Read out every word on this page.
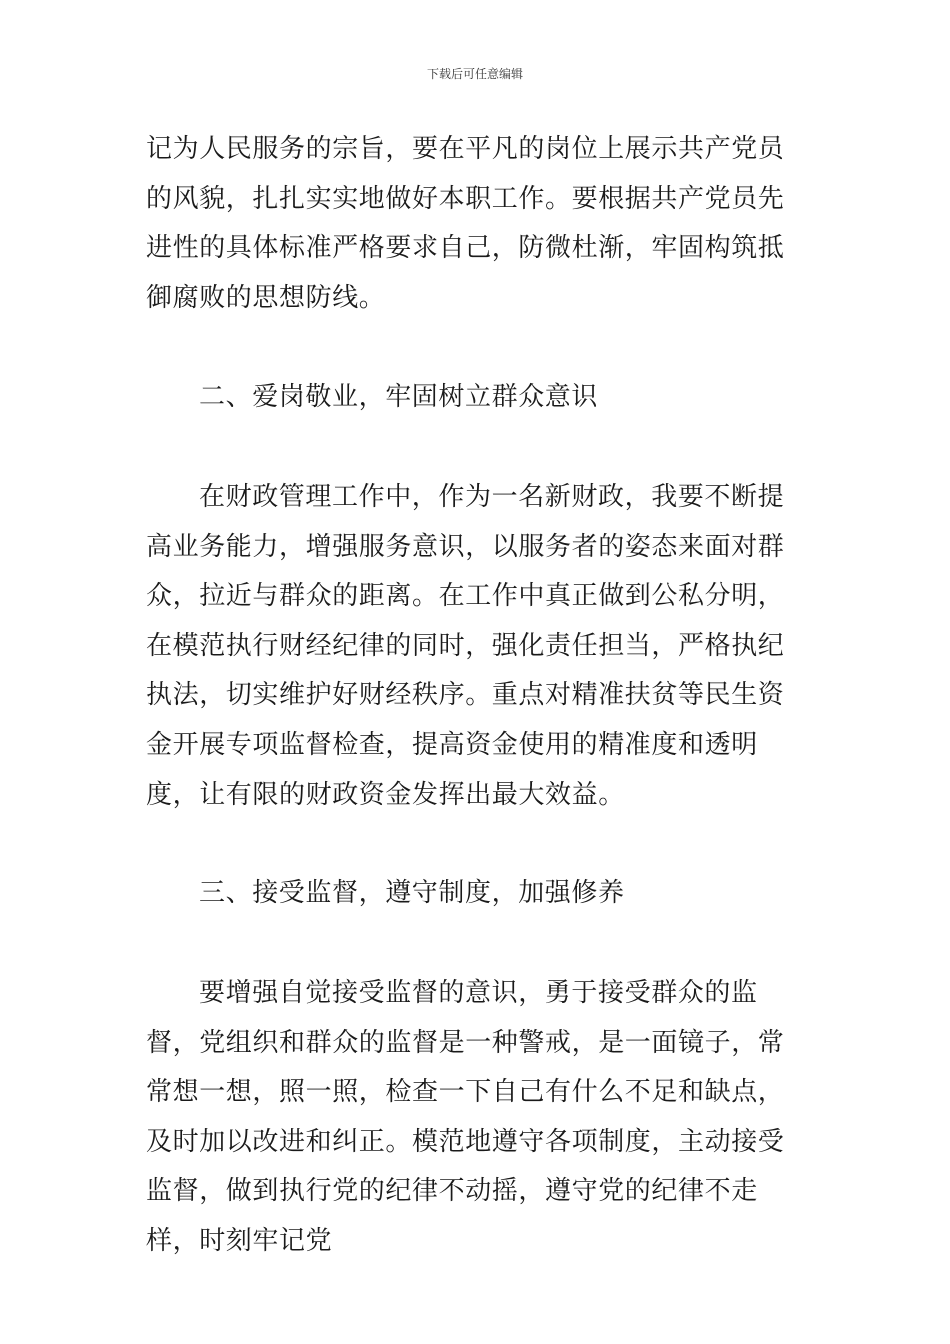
下载后可任意编辑

记为人民服务的宗旨，要在平凡的岗位上展示共产党员的风貌，扎扎实实地做好本职工作。要根据共产党员先进性的具体标准严格要求自己，防微杜渐，牢固构筑抵御腐败的思想防线。

二、爱岗敬业，牢固树立群众意识

在财政管理工作中，作为一名新财政，我要不断提高业务能力，增强服务意识，以服务者的姿态来面对群众，拉近与群众的距离。在工作中真正做到公私分明，在模范执行财经纪律的同时，强化责任担当，严格执纪执法，切实维护好财经秩序。重点对精准扶贫等民生资金开展专项监督检查，提高资金使用的精准度和透明度，让有限的财政资金发挥出最大效益。

三、接受监督，遵守制度，加强修养

要增强自觉接受监督的意识，勇于接受群众的监督，党组织和群众的监督是一种警戒，是一面镜子，常常想一想，照一照，检查一下自己有什么不足和缺点，及时加以改进和纠正。模范地遵守各项制度，主动接受监督，做到执行党的纪律不动摇，遵守党的纪律不走样，时刻牢记党
